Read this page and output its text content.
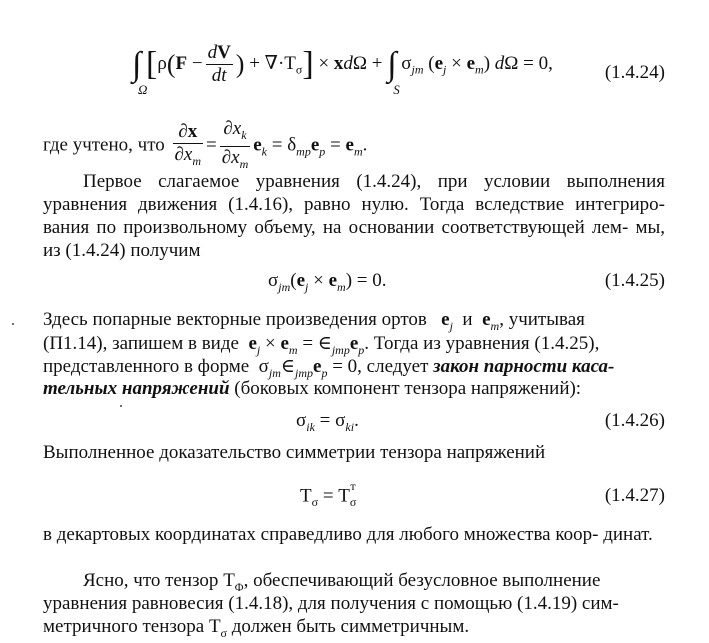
∫
Ω
[$\rho(F - \frac{dV}{dt}$ ) + $\nabla\cdot T_\sigma] \times xd\Omega$ + ∫
S
$\sigma_{jm}$ $(e_j \times e_m) d\Omega = 0$,	(1.4.24)
где учтено, что $\frac{\partial x}{\partial x_m} = \frac{\partial x_k}{\partial x_m} e_k = \delta_{mp}e_p = e_m$.
Первое слагаемое уравнения (1.4.24), при условии выполнения уравнения движения (1.4.16), равно нулю. Тогда вследствие интегриро- вания по произвольному объему, на основании соответствующей лем- мы, из (1.4.24) получим
$\sigma_{jm}(e_j \times e_m) = 0$.	(1.4.25)
Здесь попарные векторные произведения ортов $e_j$ и $e_m$, учитывая
(П1.14), запишем в виде $e_j \times e_m$ = $\in_{jmp}e_p$. Тогда из уравнения (1.4.25),
представленного в форме  $\sigma_{jm}\in_{jmp}e_p = 0$, следует закон парности каса-
тельных напряжений (боковых компонент тензора напряжений):
$\sigma_{ik} = \sigma_{ki}$.	(1.4.26)
Выполненное доказательство симметрии тензора напряжений
$T_\sigma = T_\sigma^т$	(1.4.27)
в декартовых координатах справедливо для любого множества коор- динат.
Ясно, что тензор $T_\Phi$, обеспечивающий безусловное выполнение
уравнения равновесия (1.4.18), для получения с помощью (1.4.19) сим-
метричного тензора $T_\sigma$ должен быть симметричным.
